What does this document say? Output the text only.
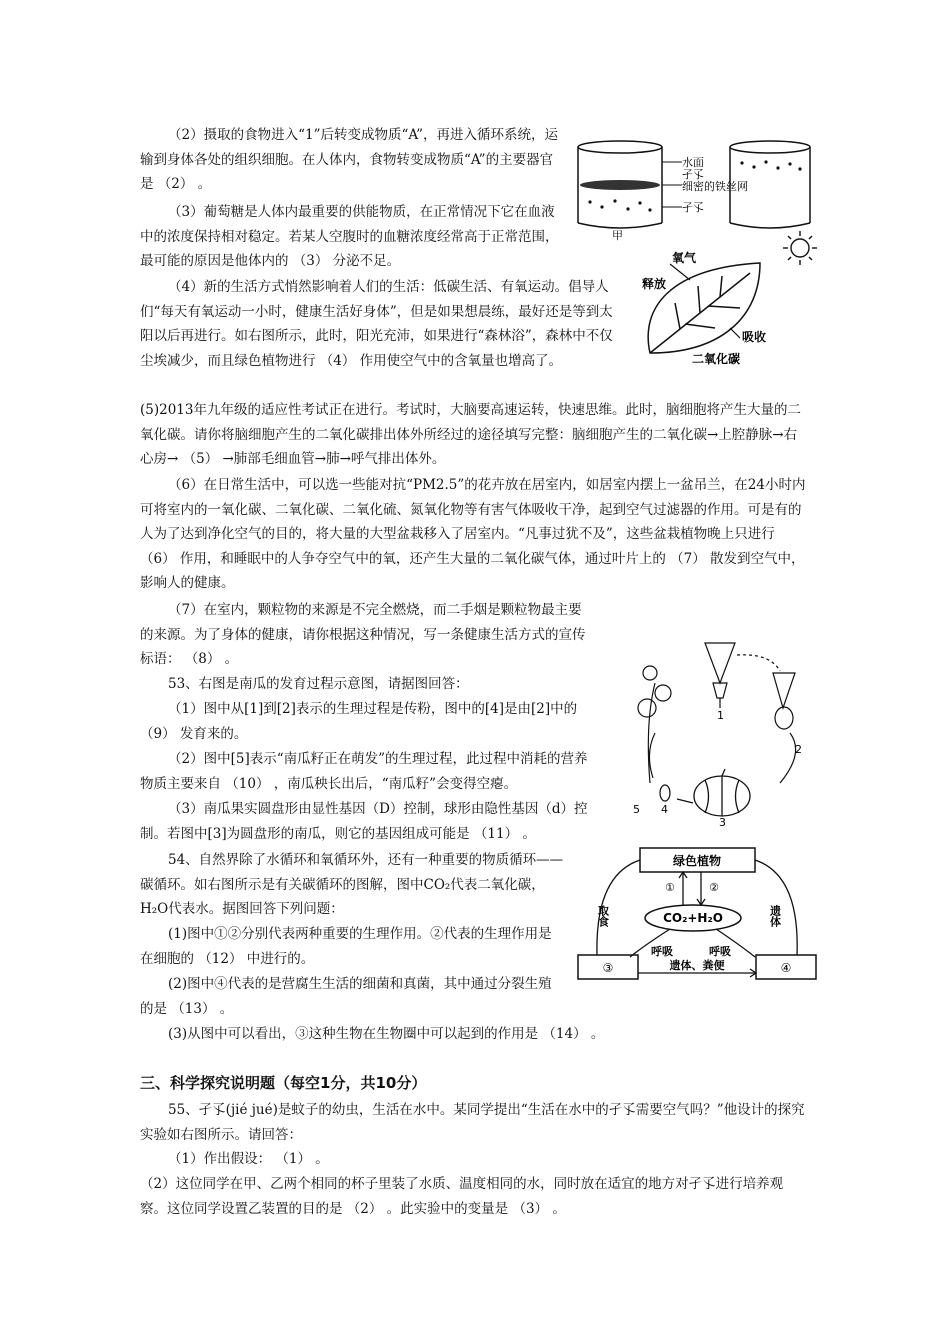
（2）摄取的食物进入“1”后转变成物质“A”，再进入循环系统，运输到身体各处的组织细胞。在人体内，食物转变成物质“A”的主要器官是 （2） 。
（3）葡萄糖是人体内最重要的供能物质，在正常情况下它在血液中的浓度保持相对稳定。若某人空腹时的血糖浓度经常高于正常范围，最可能的原因是他体内的 （3） 分泌不足。
（4）新的生活方式悄然影响着人们的生活：低碳生活、有氧运动。倡导人们“每天有氧运动一小时，健康生活好身体”，但是如果想晨练，最好还是等到太阳以后再进行。如右图所示，此时，阳光充沛，如果进行“森林浴”，森林中不仅尘埃减少，而且绿色植物进行 （4） 作用使空气中的含氧量也增高了。
(5)2013年九年级的适应性考试正在进行。考试时，大脑要高速运转，快速思维。此时，脑细胞将产生大量的二氧化碳。请你将脑细胞产生的二氧化碳排出体外所经过的途径填写完整：脑细胞产生的二氧化碳→上腔静脉→右心房→ （5） →肺部毛细血管→肺→呼气排出体外。
（6）在日常生活中，可以选一些能对抗“PM2.5”的花卉放在居室内，如居室内摆上一盆吊兰，在24小时内可将室内的一氧化碳、二氧化碳、二氧化硫、氮氧化物等有害气体吸收干净，起到空气过滤器的作用。可是有的人为了达到净化空气的目的，将大量的大型盆栽移入了居室内。“凡事过犹不及”，这些盆栽植物晚上只进行 （6） 作用，和睡眠中的人争夺空气中的氧，还产生大量的二氧化碳气体，通过叶片上的 （7） 散发到空气中，影响人的健康。
（7）在室内，颗粒物的来源是不完全燃烧，而二手烟是颗粒物最主要的来源。为了身体的健康，请你根据这种情况，写一条健康生活方式的宣传标语： （8） 。
53、右图是南瓜的发育过程示意图，请据图回答：
（1）图中从[1]到[2]表示的生理过程是传粉，图中的[4]是由[2]中的 （9） 发育来的。
（2）图中[5]表示“南瓜籽正在萌发”的生理过程，此过程中消耗的营养物质主要来自 （10） ，南瓜秧长出后，“南瓜籽”会变得空瘪。
（3）南瓜果实圆盘形由显性基因（D）控制，球形由隐性基因（d）控制。若图中[3]为圆盘形的南瓜，则它的基因组成可能是 （11） 。
54、自然界除了水循环和氧循环外，还有一种重要的物质循环——碳循环。如右图所示是有关碳循环的图解，图中CO₂代表二氧化碳，H₂O代表水。据图回答下列问题：
(1)图中①②分别代表两种重要的生理作用。②代表的生理作用是在细胞的 （12） 中进行的。
(2)图中④代表的是营腐生生活的细菌和真菌，其中通过分裂生殖的是 （13） 。
(3)从图中可以看出，③这种生物在生物圈中可以起到的作用是 （14） 。
三、科学探究说明题（每空1分，共10分）
55、孑孓(jié jué)是蚊子的幼虫，生活在水中。某同学提出“生活在水中的孑孓需要空气吗？”他设计的探究实验如右图所示。请回答：
（1）作出假设： （1） 。
（2）这位同学在甲、乙两个相同的杯子里装了水质、温度相同的水，同时放在适宜的地方对孑孓进行培养观察。这位同学设置乙装置的目的是 （2） 。此实验中的变量是 （3） 。
水面
孑孓
细密的铁丝网
孑孓
甲
氧气
释放
吸收
二氧化碳
1
2
3
4
5
绿色植物
①	②
CO₂+H₂O
取食	遗体
呼吸	呼吸
③	④
遗体、粪便
